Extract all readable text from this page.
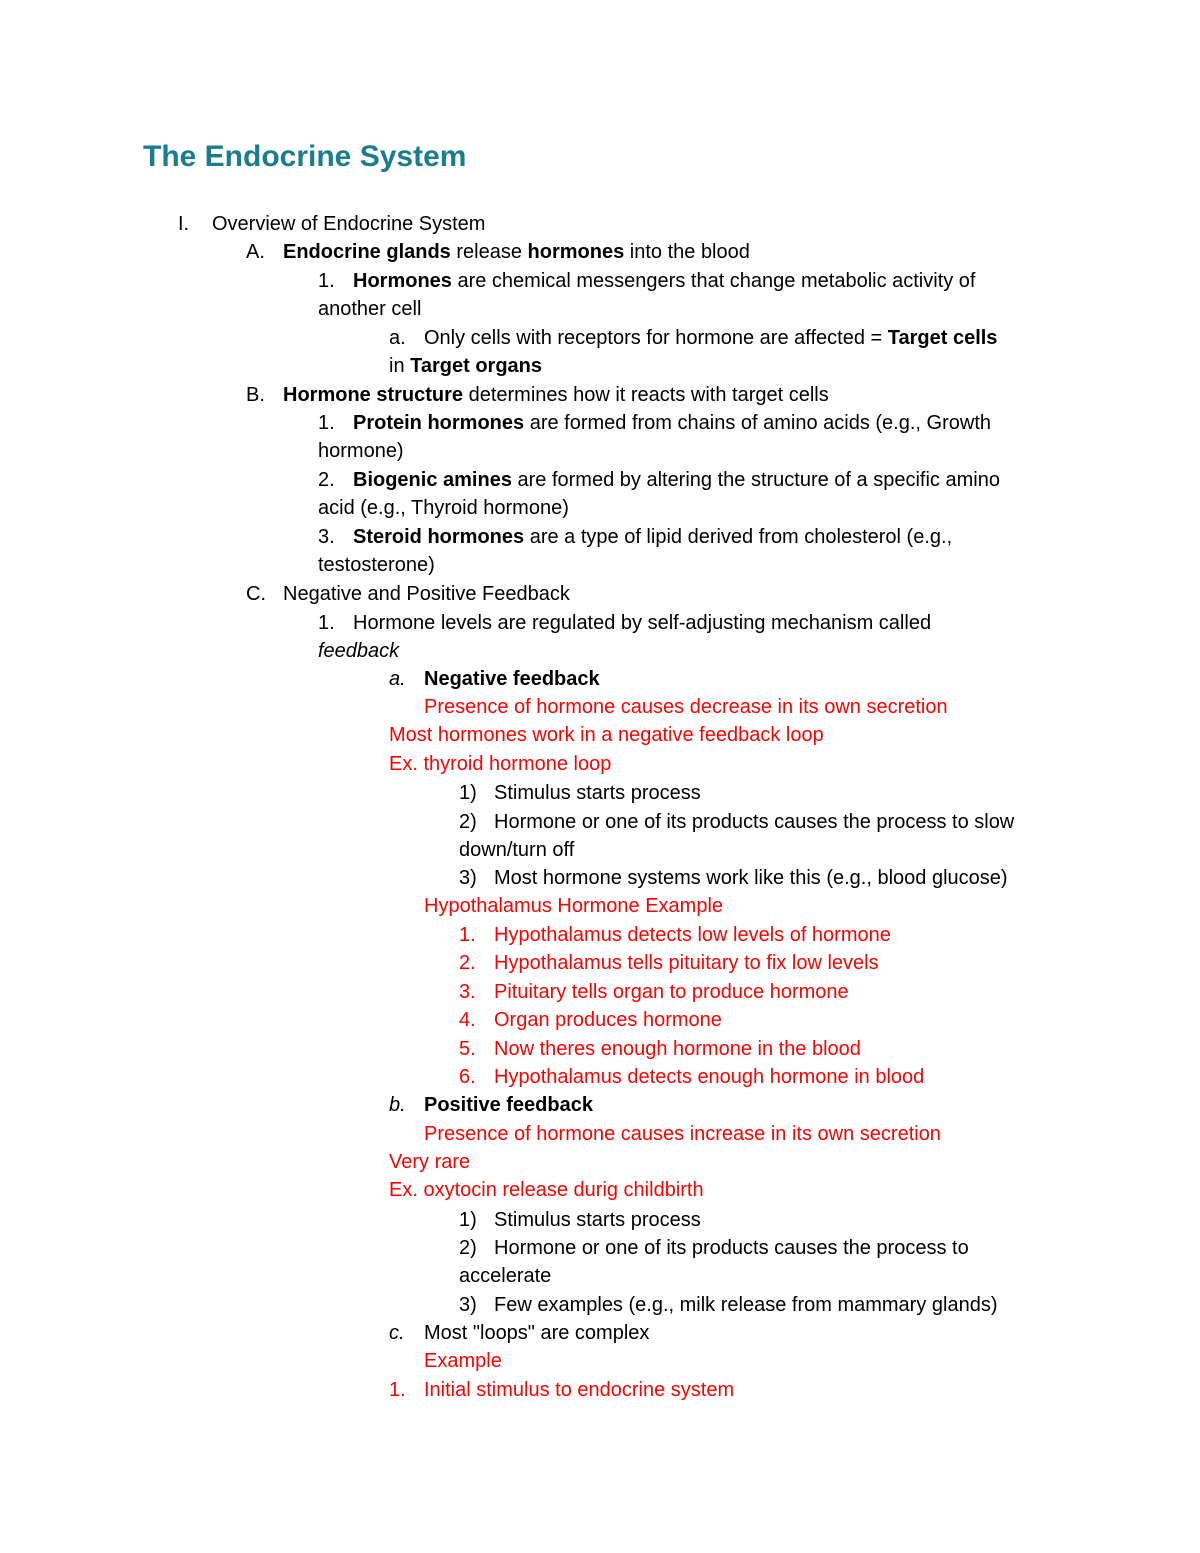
The Endocrine System
I. Overview of Endocrine System
A. Endocrine glands release hormones into the blood
1. Hormones are chemical messengers that change metabolic activity of
another cell
a. Only cells with receptors for hormone are affected = Target cells
in Target organs
B. Hormone structure determines how it reacts with target cells
1. Protein hormones are formed from chains of amino acids (e.g., Growth
hormone)
2. Biogenic amines are formed by altering the structure of a specific amino
acid (e.g., Thyroid hormone)
3. Steroid hormones are a type of lipid derived from cholesterol (e.g.,
testosterone)
C. Negative and Positive Feedback
1. Hormone levels are regulated by self-adjusting mechanism called
feedback
a. Negative feedback
Presence of hormone causes decrease in its own secretion
Most hormones work in a negative feedback loop
Ex. thyroid hormone loop
1) Stimulus starts process
2) Hormone or one of its products causes the process to slow
down/turn off
3) Most hormone systems work like this (e.g., blood glucose)
Hypothalamus Hormone Example
1. Hypothalamus detects low levels of hormone
2. Hypothalamus tells pituitary to fix low levels
3. Pituitary tells organ to produce hormone
4. Organ produces hormone
5. Now theres enough hormone in the blood
6. Hypothalamus detects enough hormone in blood
b. Positive feedback
Presence of hormone causes increase in its own secretion
Very rare
Ex. oxytocin release durig childbirth
1) Stimulus starts process
2) Hormone or one of its products causes the process to
accelerate
3) Few examples (e.g., milk release from mammary glands)
c. Most "loops" are complex
Example
1. Initial stimulus to endocrine system
